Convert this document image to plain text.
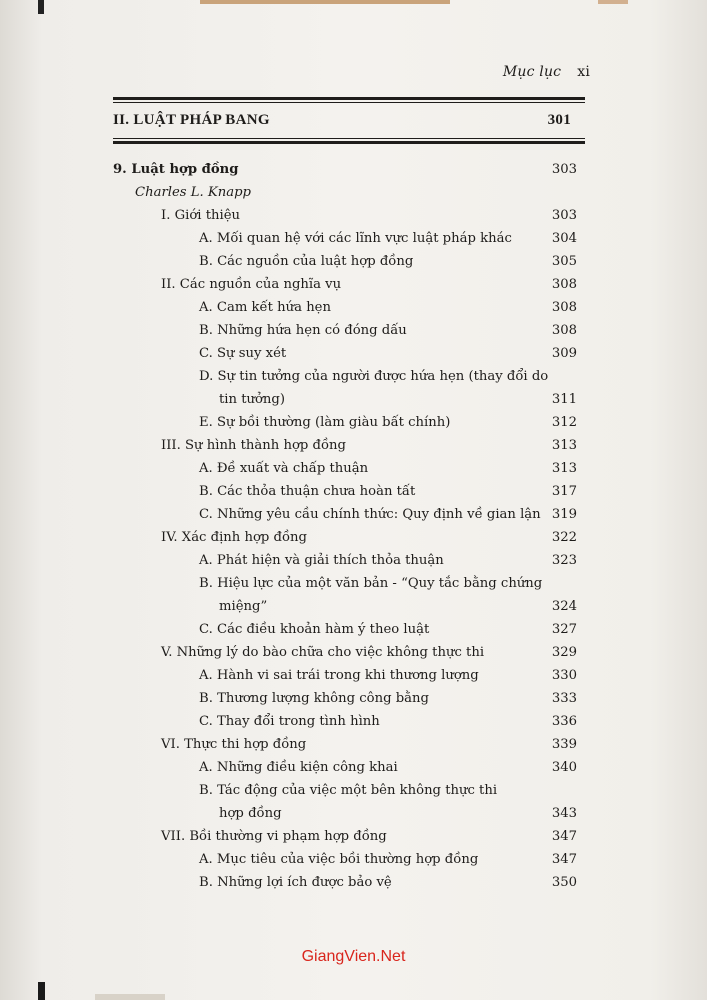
Mục lục xi
II. LUẬT PHÁP BANG	301
9. Luật hợp đồng	303
Charles L. Knapp
I. Giới thiệu	303
A. Mối quan hệ với các lĩnh vực luật pháp khác	304
B. Các nguồn của luật hợp đồng	305
II. Các nguồn của nghĩa vụ	308
A. Cam kết hứa hẹn	308
B. Những hứa hẹn có đóng dấu	308
C. Sự suy xét	309
D. Sự tin tưởng của người được hứa hẹn (thay đổi do
tin tưởng)	311
E. Sự bồi thường (làm giàu bất chính)	312
III. Sự hình thành hợp đồng	313
A. Đề xuất và chấp thuận	313
B. Các thỏa thuận chưa hoàn tất	317
C. Những yêu cầu chính thức: Quy định về gian lận 319
IV. Xác định hợp đồng	322
A. Phát hiện và giải thích thỏa thuận	323
B. Hiệu lực của một văn bản - “Quy tắc bằng chứng
miệng”	324
C. Các điều khoản hàm ý theo luật	327
V. Những lý do bào chữa cho việc không thực thi	329
A. Hành vi sai trái trong khi thương lượng	330
B. Thương lượng không công bằng	333
C. Thay đổi trong tình hình	336
VI. Thực thi hợp đồng	339
A. Những điều kiện công khai	340
B. Tác động của việc một bên không thực thi
hợp đồng	343
VII. Bồi thường vi phạm hợp đồng	347
A. Mục tiêu của việc bồi thường hợp đồng	347
B. Những lợi ích được bảo vệ	350
GiangVien.Net
